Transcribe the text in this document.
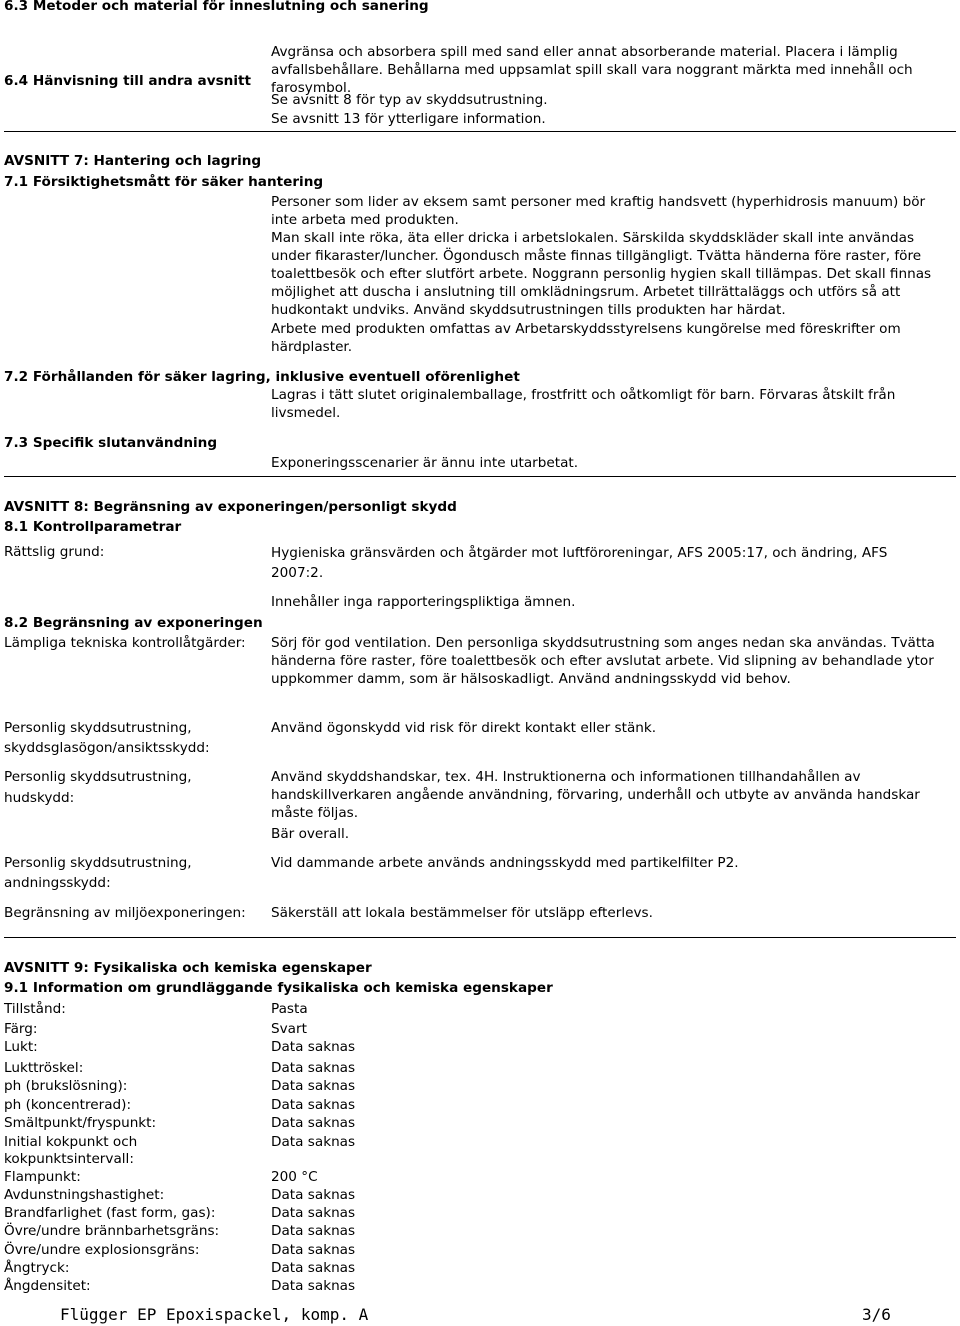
6.3 Metoder och material för inneslutning och sanering
Avgränsa och absorbera spill med sand eller annat absorberande material. Placera i lämplig avfallsbehållare. Behållarna med uppsamlat spill skall vara noggrant märkta med innehåll och farosymbol.
6.4 Hänvisning till andra avsnitt
Se avsnitt 8 för typ av skyddsutrustning.
Se avsnitt 13 för ytterligare information.
AVSNITT 7: Hantering och lagring
7.1 Försiktighetsmått för säker hantering
Personer som lider av eksem samt personer med kraftig handsvett (hyperhidrosis manuum) bör inte arbeta med produkten.
Man skall inte röka, äta eller dricka i arbetslokalen. Särskilda skyddskläder skall inte användas under fikaraster/luncher. Ögondusch måste finnas tillgängligt. Tvätta händerna före raster, före toalettbesök och efter slutfört arbete. Noggrann personlig hygien skall tillämpas. Det skall finnas möjlighet att duscha i anslutning till omklädningsrum. Arbetet tillrättaläggs och utförs så att hudkontakt undviks. Använd skyddsutrustningen tills produkten har härdat.
Arbete med produkten omfattas av Arbetarskyddsstyrelsens kungörelse med föreskrifter om härdplaster.
7.2 Förhållanden för säker lagring, inklusive eventuell oförenlighet
Lagras i tätt slutet originalemballage, frostfritt och oåtkomligt för barn. Förvaras åtskilt från livsmedel.
7.3 Specifik slutanvändning
Exponeringsscenarier är ännu inte utarbetat.
AVSNITT 8: Begränsning av exponeringen/personligt skydd
8.1 Kontrollparametrar
Rättslig grund:	Hygieniska gränsvärden och åtgärder mot luftföroreningar, AFS 2005:17, och ändring, AFS 2007:2.
Innehåller inga rapporteringspliktiga ämnen.
8.2 Begränsning av exponeringen
Lämpliga tekniska kontrollåtgärder: Sörj för god ventilation. Den personliga skyddsutrustning som anges nedan ska användas. Tvätta händerna före raster, före toalettbesök och efter avslutat arbete. Vid slipning av behandlade ytor uppkommer damm, som är hälsoskadligt. Använd andningsskydd vid behov.
Personlig skyddsutrustning,
skyddsglasögon/ansiktsskydd:
Använd ögonskydd vid risk för direkt kontakt eller stänk.
Personlig skyddsutrustning,
hudskydd:
Använd skyddshandskar, tex. 4H. Instruktionerna och informationen tillhandahållen av handskillverkaren angående användning, förvaring, underhåll och utbyte av använda handskar måste följas.
Bär overall.
Personlig skyddsutrustning,
andningsskydd:
Vid dammande arbete används andningsskydd med partikelfilter P2.
Begränsning av miljöexponeringen: Säkerställ att lokala bestämmelser för utsläpp efterlevs.
AVSNITT 9: Fysikaliska och kemiska egenskaper
9.1 Information om grundläggande fysikaliska och kemiska egenskaper
Tillstånd:	Pasta
Färg:	Svart
Lukt:	Data saknas
Lukttröskel:	Data saknas
ph (brukslösning):	Data saknas
ph (koncentrerad):	Data saknas
Smältpunkt/fryspunkt:	Data saknas
Initial kokpunkt och
kokpunktsintervall:
Data saknas
Flampunkt:	200 °C
Avdunstningshastighet:	Data saknas
Brandfarlighet (fast form, gas):	Data saknas
Övre/undre brännbarhetsgräns:	Data saknas
Övre/undre explosionsgräns:	Data saknas
Ångtryck:	Data saknas
Ångdensitet:	Data saknas
Flügger EP Epoxispackel, komp. A	3/6
